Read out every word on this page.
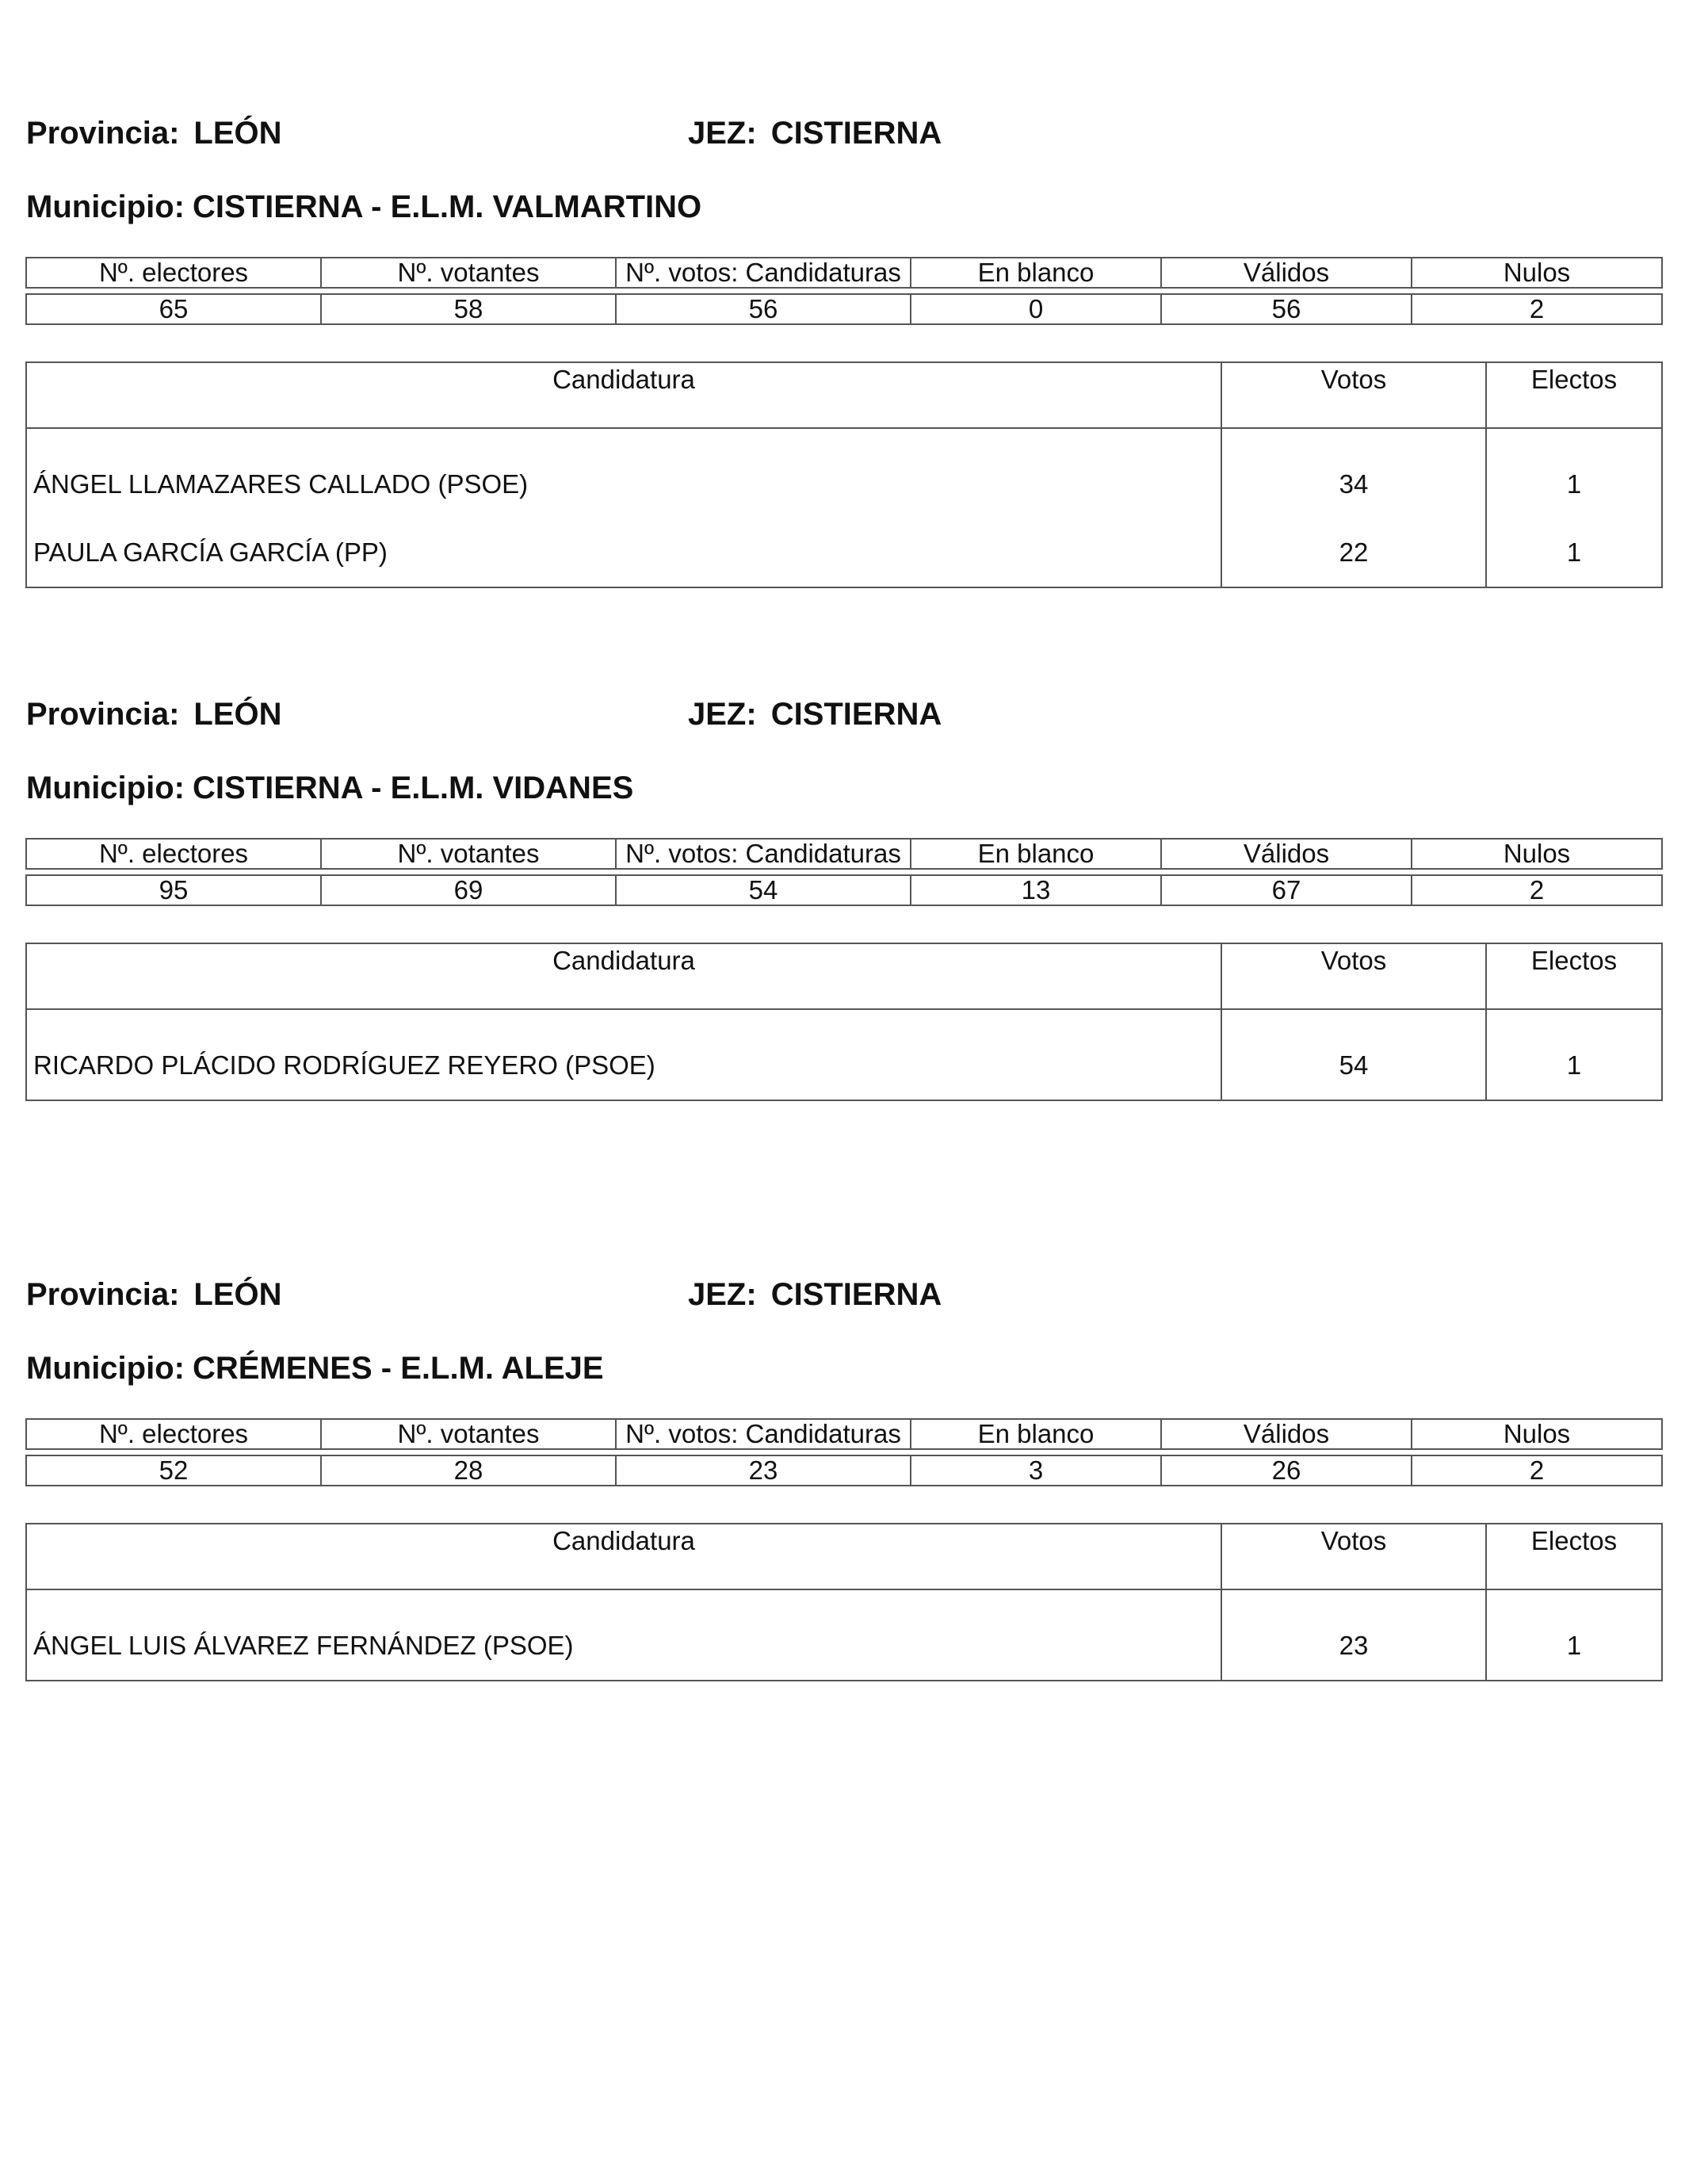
Provincia: LEÓN	JEZ: CISTIERNA
Municipio: CISTIERNA - E.L.M. VALMARTINO
Nº. electores	Nº. votantes	Nº. votos: Candidaturas	En blanco	Válidos	Nulos

65	58	56	0	56	2
Candidatura	Votos	Electos
ÁNGEL LLAMAZARES CALLADO (PSOE)	34	1
PAULA GARCÍA GARCÍA (PP)	22	1
Provincia: LEÓN	JEZ: CISTIERNA
Municipio: CISTIERNA - E.L.M. VIDANES
Nº. electores	Nº. votantes	Nº. votos: Candidaturas	En blanco	Válidos	Nulos

95	69	54	13	67	2
Candidatura	Votos	Electos
RICARDO PLÁCIDO RODRÍGUEZ REYERO (PSOE)	54	1
Provincia: LEÓN	JEZ: CISTIERNA
Municipio: CRÉMENES - E.L.M. ALEJE
Nº. electores	Nº. votantes	Nº. votos: Candidaturas	En blanco	Válidos	Nulos

52	28	23	3	26	2
Candidatura	Votos	Electos
ÁNGEL LUIS ÁLVAREZ FERNÁNDEZ (PSOE)	23	1
